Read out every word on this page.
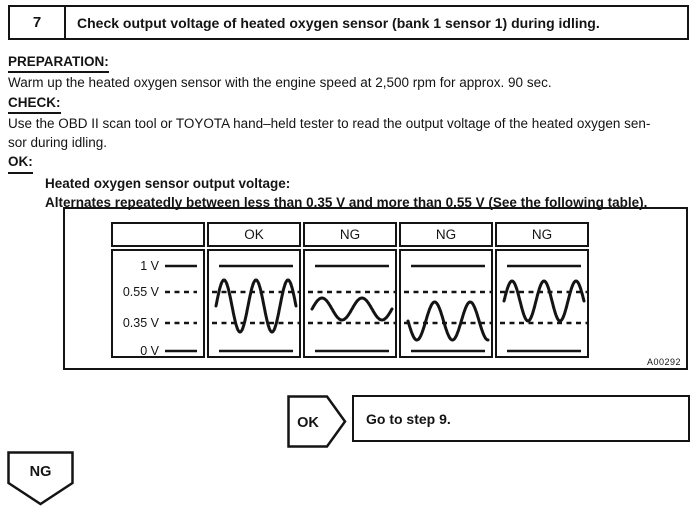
7	Check output voltage of heated oxygen sensor (bank 1 sensor 1) during idling.
PREPARATION:
Warm up the heated oxygen sensor with the engine speed at 2,500 rpm for approx. 90 sec.
CHECK:
Use the OBD II scan tool or TOYOTA hand–held tester to read the output voltage of the heated oxygen sen-
sor during idling.
OK:
Heated oxygen sensor output voltage:
Alternates repeatedly between less than 0.35 V and more than 0.55 V (See the following table).
OK	NG	NG	NG
1 V
0.55 V
0.35 V
0 V
A00292
OK	Go to step 9.
NG
